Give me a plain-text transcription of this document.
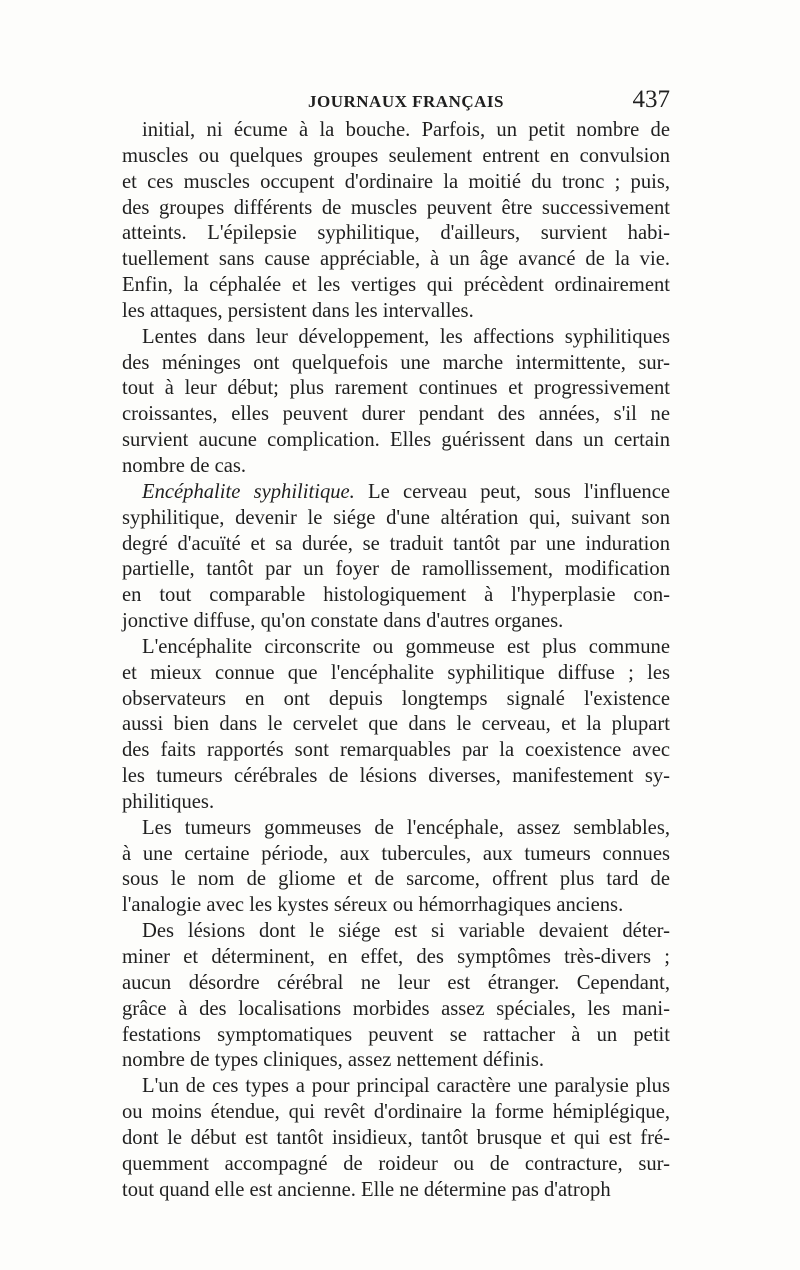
JOURNAUX FRANÇAIS	437
initial, ni écume à la bouche. Parfois, un petit nombre de
muscles ou quelques groupes seulement entrent en convulsion
et ces muscles occupent d'ordinaire la moitié du tronc ; puis,
des groupes différents de muscles peuvent être successivement
atteints. L'épilepsie syphilitique, d'ailleurs, survient habi-
tuellement sans cause appréciable, à un âge avancé de la vie.
Enfin, la céphalée et les vertiges qui précèdent ordinairement
les attaques, persistent dans les intervalles.
Lentes dans leur développement, les affections syphilitiques
des méninges ont quelquefois une marche intermittente, sur-
tout à leur début; plus rarement continues et progressivement
croissantes, elles peuvent durer pendant des années, s'il ne
survient aucune complication. Elles guérissent dans un certain
nombre de cas.
Encéphalite syphilitique. Le cerveau peut, sous l'influence
syphilitique, devenir le siége d'une altération qui, suivant son
degré d'acuïté et sa durée, se traduit tantôt par une induration
partielle, tantôt par un foyer de ramollissement, modification
en tout comparable histologiquement à l'hyperplasie con-
jonctive diffuse, qu'on constate dans d'autres organes.
L'encéphalite circonscrite ou gommeuse est plus commune
et mieux connue que l'encéphalite syphilitique diffuse ; les
observateurs en ont depuis longtemps signalé l'existence
aussi bien dans le cervelet que dans le cerveau, et la plupart
des faits rapportés sont remarquables par la coexistence avec
les tumeurs cérébrales de lésions diverses, manifestement sy-
philitiques.
Les tumeurs gommeuses de l'encéphale, assez semblables,
à une certaine période, aux tubercules, aux tumeurs connues
sous le nom de gliome et de sarcome, offrent plus tard de
l'analogie avec les kystes séreux ou hémorrhagiques anciens.
Des lésions dont le siége est si variable devaient déter-
miner et déterminent, en effet, des symptômes très-divers ;
aucun désordre cérébral ne leur est étranger. Cependant,
grâce à des localisations morbides assez spéciales, les mani-
festations symptomatiques peuvent se rattacher à un petit
nombre de types cliniques, assez nettement définis.
L'un de ces types a pour principal caractère une paralysie plus
ou moins étendue, qui revêt d'ordinaire la forme hémiplégique,
dont le début est tantôt insidieux, tantôt brusque et qui est fré-
quemment accompagné de roideur ou de contracture, sur-
tout quand elle est ancienne. Elle ne détermine pas d'atroph
